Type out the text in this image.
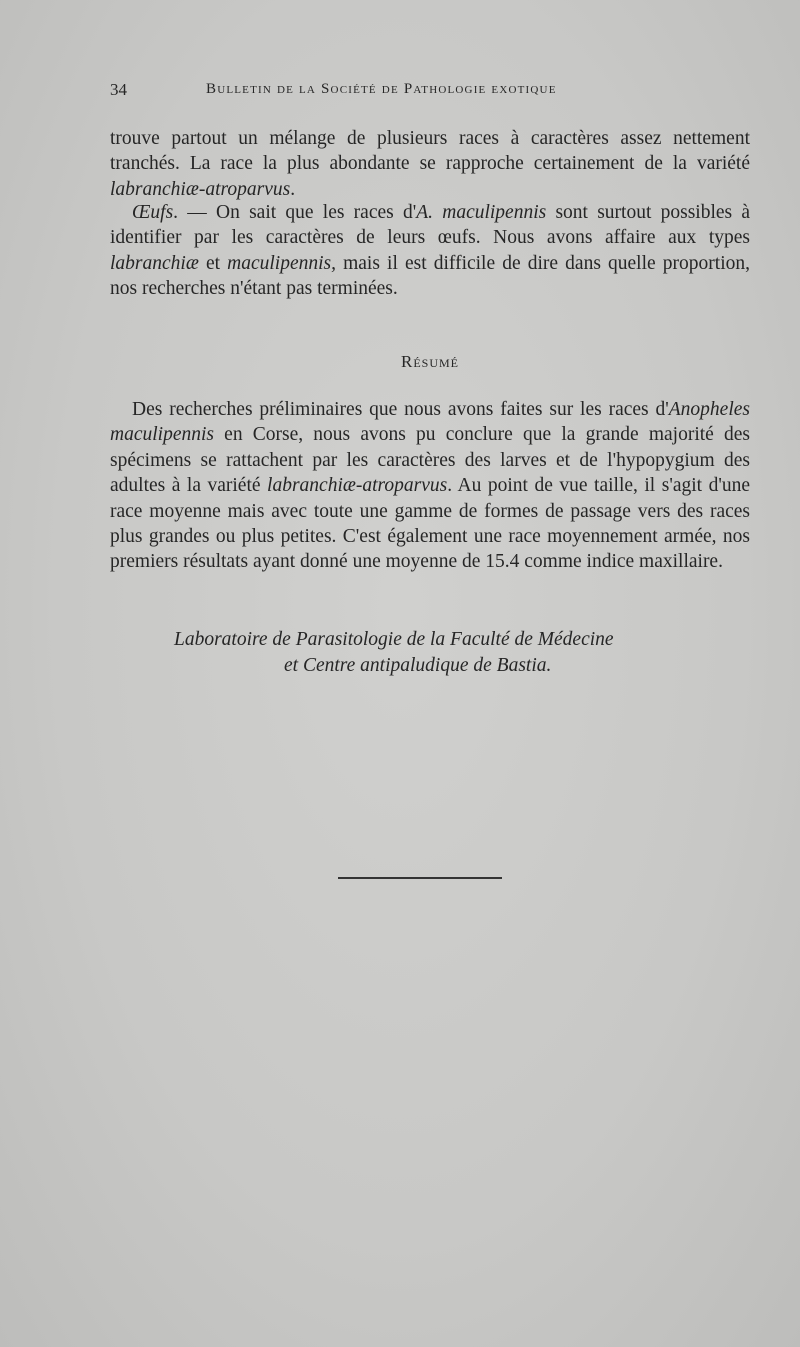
34	Bulletin de la Société de Pathologie exotique

trouve partout un mélange de plusieurs races à caractères assez nettement tranchés. La race la plus abondante se rapproche certainement de la variété labranchiæ-atroparvus.

Œufs. — On sait que les races d'A. maculipennis sont surtout possibles à identifier par les caractères de leurs œufs. Nous avons affaire aux types labranchiæ et maculipennis, mais il est difficile de dire dans quelle proportion, nos recherches n'étant pas terminées.

Résumé

Des recherches préliminaires que nous avons faites sur les races d'Anopheles maculipennis en Corse, nous avons pu conclure que la grande majorité des spécimens se rattachent par les caractères des larves et de l'hypopygium des adultes à la variété labranchiæ-atroparvus. Au point de vue taille, il s'agit d'une race moyenne mais avec toute une gamme de formes de passage vers des races plus grandes ou plus petites. C'est également une race moyennement armée, nos premiers résultats ayant donné une moyenne de 15.4 comme indice maxillaire.

Laboratoire de Parasitologie de la Faculté de Médecine
et Centre antipaludique de Bastia.
